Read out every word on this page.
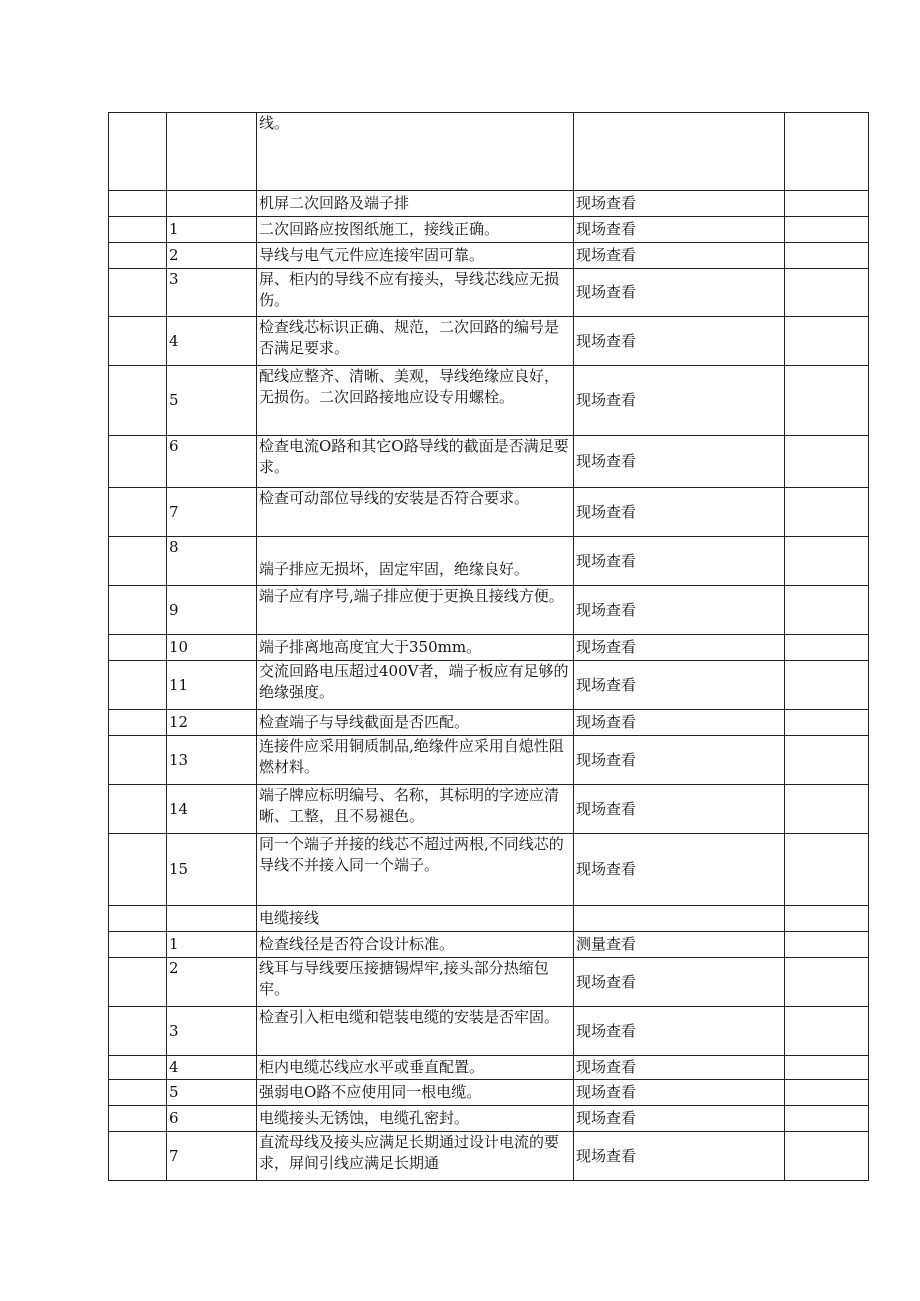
		线。		
		机屏二次回路及端子排	现场查看	
	1	二次回路应按图纸施工，接线正确。	现场查看	
	2	导线与电气元件应连接牢固可靠。	现场查看	
	3	屏、柜内的导线不应有接头，导线芯线应无损伤。	现场查看	
	4	检查线芯标识正确、规范，二次回路的编号是否满足要求。	现场查看	
	5	配线应整齐、清晰、美观，导线绝缘应良好，无损伤。二次回路接地应设专用螺栓。	现场查看	
	6	检查电流O路和其它O路导线的截面是否满足要求。	现场查看	
	7	检查可动部位导线的安装是否符合要求。	现场查看	
	8	端子排应无损坏，固定牢固，绝缘良好。	现场查看	
	9	端子应有序号,端子排应便于更换且接线方便。	现场查看	
	10	端子排离地高度宜大于350mm。	现场查看	
	11	交流回路电压超过400V者，端子板应有足够的绝缘强度。	现场查看	
	12	检查端子与导线截面是否匹配。	现场查看	
	13	连接件应采用铜质制品,绝缘件应采用自熄性阻燃材料。	现场查看	
	14	端子牌应标明编号、名称，其标明的字迹应清晰、工整，且不易褪色。	现场查看	
	15	同一个端子并接的线芯不超过两根,不同线芯的导线不并接入同一个端子。	现场查看	
		电缆接线		
	1	检查线径是否符合设计标准。	测量查看	
	2	线耳与导线要压接搪锡焊牢,接头部分热缩包牢。	现场查看	
	3	检查引入柜电缆和铠装电缆的安装是否牢固。	现场查看	
	4	柜内电缆芯线应水平或垂直配置。	现场查看	
	5	强弱电O路不应使用同一根电缆。	现场查看	
	6	电缆接头无锈蚀，电缆孔密封。	现场查看	
	7	直流母线及接头应满足长期通过设计电流的要求，屏间引线应满足长期通	现场查看	
